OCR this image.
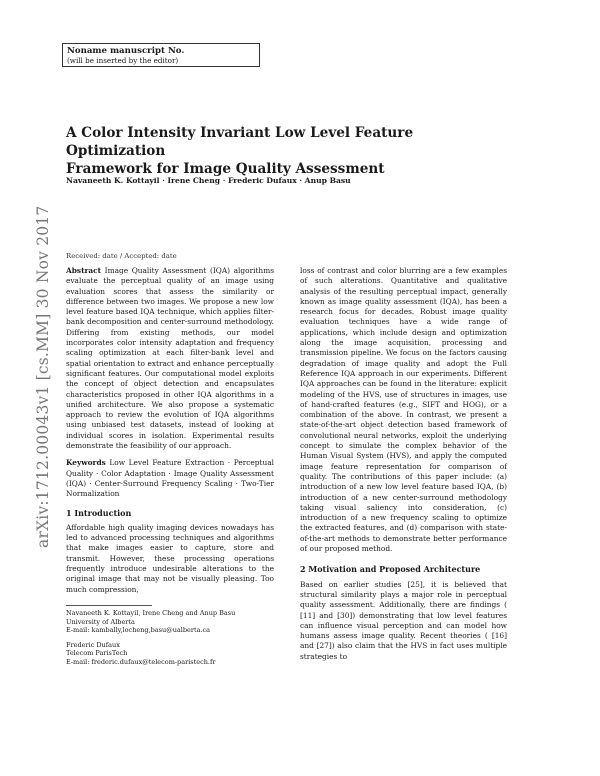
Noname manuscript No.
(will be inserted by the editor)
A Color Intensity Invariant Low Level Feature Optimization
Framework for Image Quality Assessment
Navaneeth K. Kottayil · Irene Cheng · Frederic Dufaux · Anup Basu
Received: date / Accepted: date
arXiv:1712.00043v1 [cs.MM] 30 Nov 2017 Abstract Image Quality Assessment (IQA) algorithms evaluate the perceptual quality of an image using evaluation scores that assess the similarity or difference between two images. We propose a new low level feature based IQA technique, which applies filter-bank decomposition and center-surround methodology. Differing from existing methods, our model incorporates color intensity adaptation and frequency scaling optimization at each filter-bank level and spatial orientation to extract and enhance perceptually significant features. Our computational model exploits the concept of object detection and encapsulates characteristics proposed in other IQA algorithms in a unified architecture. We also propose a systematic approach to review the evolution of IQA algorithms using unbiased test datasets, instead of looking at individual scores in isolation. Experimental results demonstrate the feasibility of our approach.

Keywords Low Level Feature Extraction · Perceptual Quality · Color Adaptation · Image Quality Assessment (IQA) · Center-Surround Frequency Scaling · Two-Tier Normalization

1 Introduction

Affordable high quality imaging devices nowadays has led to advanced processing techniques and algorithms that make images easier to capture, store and transmit. However, these processing operations frequently introduce undesirable alterations to the original image that may not be visually pleasing. Too much compression,

Navaneeth K. Kottayil, Irene Cheng and Anup Basu

University of Alberta

E-mail: kambally,locheng,basu@ualberta.ca

Frederic Dufaux

Telecom ParisTech

E-mail: frederic.dufaux@telecom-paristech.fr

loss of contrast and color blurring are a few examples of such alterations. Quantitative and qualitative analysis of the resulting perceptual impact, generally known as image quality assessment (IQA), has been a research focus for decades. Robust image quality evaluation techniques have a wide range of applications, which include design and optimization along the image acquisition, processing and transmission pipeline. We focus on the factors causing degradation of image quality and adopt the Full Reference IQA approach in our experiments. Different IQA approaches can be found in the literature: explicit modeling of the HVS, use of structures in images, use of hand-crafted features (e.g., SIFT and HOG), or a combination of the above. In contrast, we present a state-of-the-art object detection based framework of convolutional neural networks, exploit the underlying concept to simulate the complex behavior of the Human Visual System (HVS), and apply the computed image feature representation for comparison of quality. The contributions of this paper include: (a) introduction of a new low level feature based IQA, (b) introduction of a new center-surround methodology taking visual saliency into consideration, (c) introduction of a new frequency scaling to optimize the extracted features, and (d) comparison with state-of-the-art methods to demonstrate better performance of our proposed method.

2 Motivation and Proposed Architecture

Based on earlier studies [25], it is believed that structural similarity plays a major role in perceptual quality assessment. Additionally, there are findings ( [11] and [30]) demonstrating that low level features can influence visual perception and can model how humans assess image quality. Recent theories ( [16] and [27]) also claim that the HVS in fact uses multiple strategies to
